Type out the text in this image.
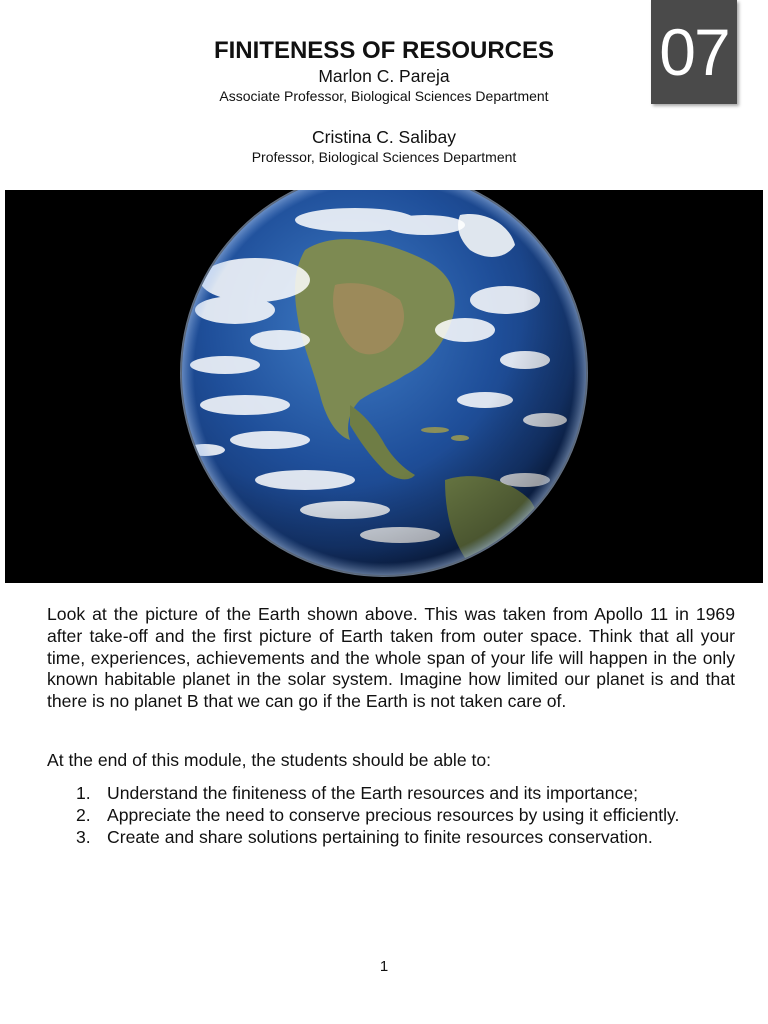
07
FINITENESS OF RESOURCES
Marlon C. Pareja
Associate Professor, Biological Sciences Department
Cristina C. Salibay
Professor, Biological Sciences Department

Look at the picture of the Earth shown above. This was taken from Apollo 11 in 1969 after take-off and the first picture of Earth taken from outer space. Think that all your time, experiences, achievements and the whole span of your life will happen in the only known habitable planet in the solar system. Imagine how limited our planet is and that there is no planet B that we can go if the Earth is not taken care of.

At the end of this module, the students should be able to:

1. Understand the finiteness of the Earth resources and its importance;
2. Appreciate the need to conserve precious resources by using it efficiently.
3. Create and share solutions pertaining to finite resources conservation.
1
